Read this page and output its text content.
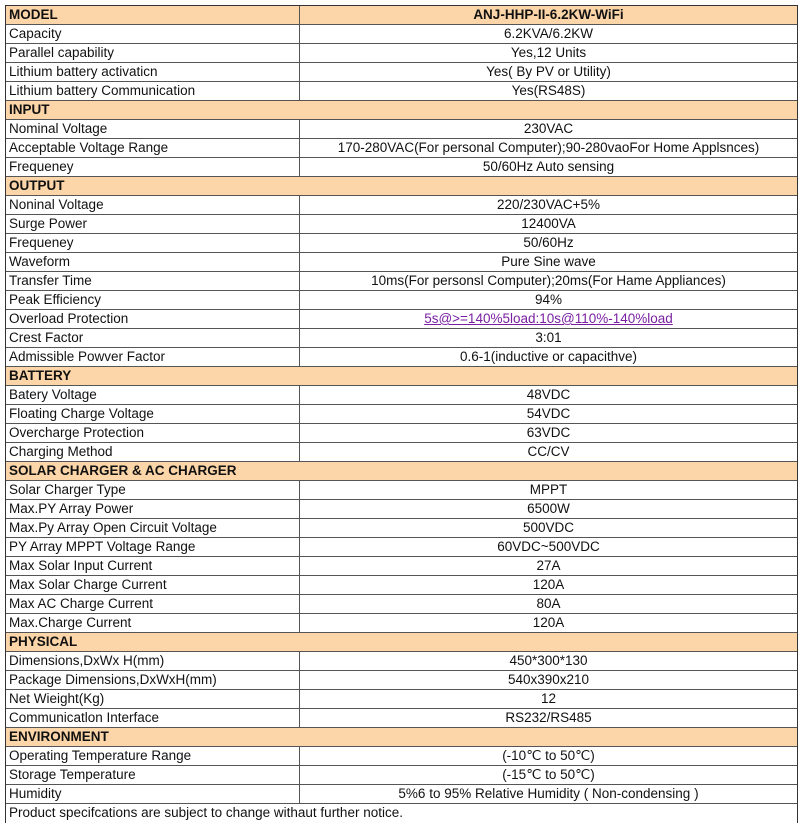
MODEL	ANJ-HHP-II-6.2KW-WiFi
Capacity	6.2KVA/6.2KW
Parallel capability	Yes,12 Units
Lithium battery activaticn	Yes( By PV or Utility)
Lithium battery Communication	Yes(RS48S)
INPUT
Nominal Voltage	230VAC
Acceptable Voltage Range	170-280VAC(For personal Computer);90-280vaoFor Home Applsnces)
Frequeney	50/60Hz Auto sensing
OUTPUT
Noninal Voltage	220/230VAC+5%
Surge Power	12400VA
Frequeney	50/60Hz
Waveform	Pure Sine wave
Transfer Time	10ms(For personsl Computer);20ms(For Hame Appliances)
Peak Efficiency	94%
Overload Protection	5s@>=140%5load:10s@110%-140%load
Crest Factor	3:01
Admissible Powver Factor	0.6-1(inductive or capacithve)
BATTERY
Batery Voltage	48VDC
Floating Charge Voltage	54VDC
Overcharge Protection	63VDC
Charging Method	CC/CV
SOLAR CHARGER & AC CHARGER
Solar Charger Type	MPPT
Max.PY Array Power	6500W
Max.Py Array Open Circuit Voltage	500VDC
PY Array MPPT Voltage Range	60VDC~500VDC
Max Solar Input Current	27A
Max Solar Charge Current	120A
Max AC Charge Current	80A
Max.Charge Current	120A
PHYSICAL
Dimensions,DxWx H(mm)	450*300*130
Package Dimensions,DxWxH(mm)	540x390x210
Net Wieight(Kg)	12
Communicatlon Interface	RS232/RS485
ENVIRONMENT
Operating Temperature Range	(-10℃ to 50℃)
Storage Temperature	(-15℃ to 50℃)
Humidity	5%6 to 95% Relative Humidity ( Non-condensing )
Product specifcations are subject to change withaut further notice.
